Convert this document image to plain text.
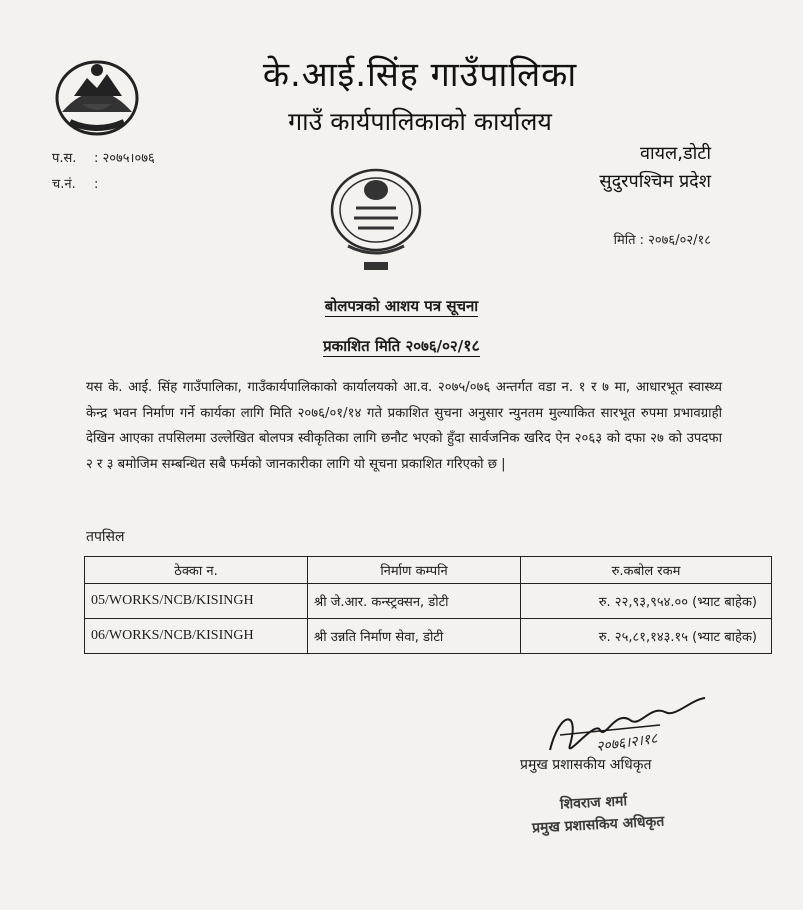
के.आई.सिंह गाउँपालिका
गाउँ कार्यपालिकाको कार्यालय
प.स. : २०७५।०७६
च.नं. :
वायल,डोटी
सुदुरपश्चिम प्रदेश
मिति : २०७६/०२/१८
बोलपत्रको आशय पत्र सूचना
प्रकाशित मिति २०७६/०२/१८
यस के. आई. सिंह गाउँपालिका, गाउँकार्यपालिकाको कार्यालयको आ.व. २०७५/०७६ अन्तर्गत वडा न. १ र ७ मा, आधारभूत स्वास्थ्य केन्द्र भवन निर्माण गर्ने कार्यका लागि मिति २०७६/०१/१४ गते प्रकाशित सुचना अनुसार न्युनतम मुल्याकित सारभूत रुपमा प्रभावग्राही देखिन आएका तपसिलमा उल्लेखित बोलपत्र स्वीकृतिका लागि छनौट भएको हुँदा सार्वजनिक खरिद ऐन २०६३ को दफा २७ को उपदफा २ र ३ बमोजिम सम्बन्धित सबै फर्मको जानकारीका लागि यो सूचना प्रकाशित गरिएको छ |
तपसिल
ठेक्का न.	निर्माण कम्पनि	रु.कबोल रकम
05/WORKS/NCB/KISINGH	श्री जे.आर. कन्स्ट्रक्सन, डोटी	रु. २२,९३,९५४.०० (भ्याट बाहेक)
06/WORKS/NCB/KISINGH	श्री उन्नति निर्माण सेवा, डोटी	रु. २५,८१,१४३.१५ (भ्याट बाहेक)
२०७६।२।१८
प्रमुख प्रशासकीय अधिकृत
शिवराज शर्मा
प्रमुख प्रशासकिय अधिकृत
